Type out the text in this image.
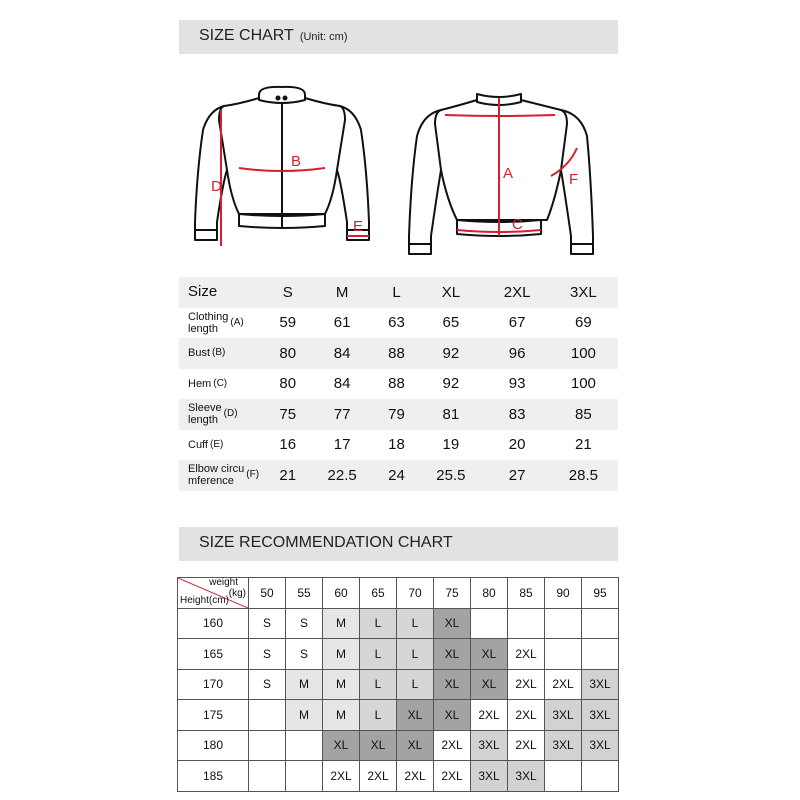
SIZE CHART (Unit: cm)
D
B
E
A
C
F
Size	S	M	L	XL	2XL	3XL

Clothing
length
(A)	59	61	63	65	67	69

Bust (B)	80	84	88	92	96	100

Hem (C)	80	84	88	92	93	100

Sleeve
length
(D)	75	77	79	81	83	85

Cuff (E)	16	17	18	19	20	21

Elbow circu
mference
(F)	21	22.5	24	25.5	27	28.5
SIZE RECOMMENDATION CHART
weight
(kg)
Height(cm)	50	55	60	65	70	75	80	85	90	95
160	S	S	M	L	L	XL				
165	S	S	M	L	L	XL	XL	2XL		
170	S	M	M	L	L	XL	XL	2XL	2XL	3XL
175		M	M	L	XL	XL	2XL	2XL	3XL	3XL
180			XL	XL	XL	2XL	3XL	2XL	3XL	3XL
185			2XL	2XL	2XL	2XL	3XL	3XL		
